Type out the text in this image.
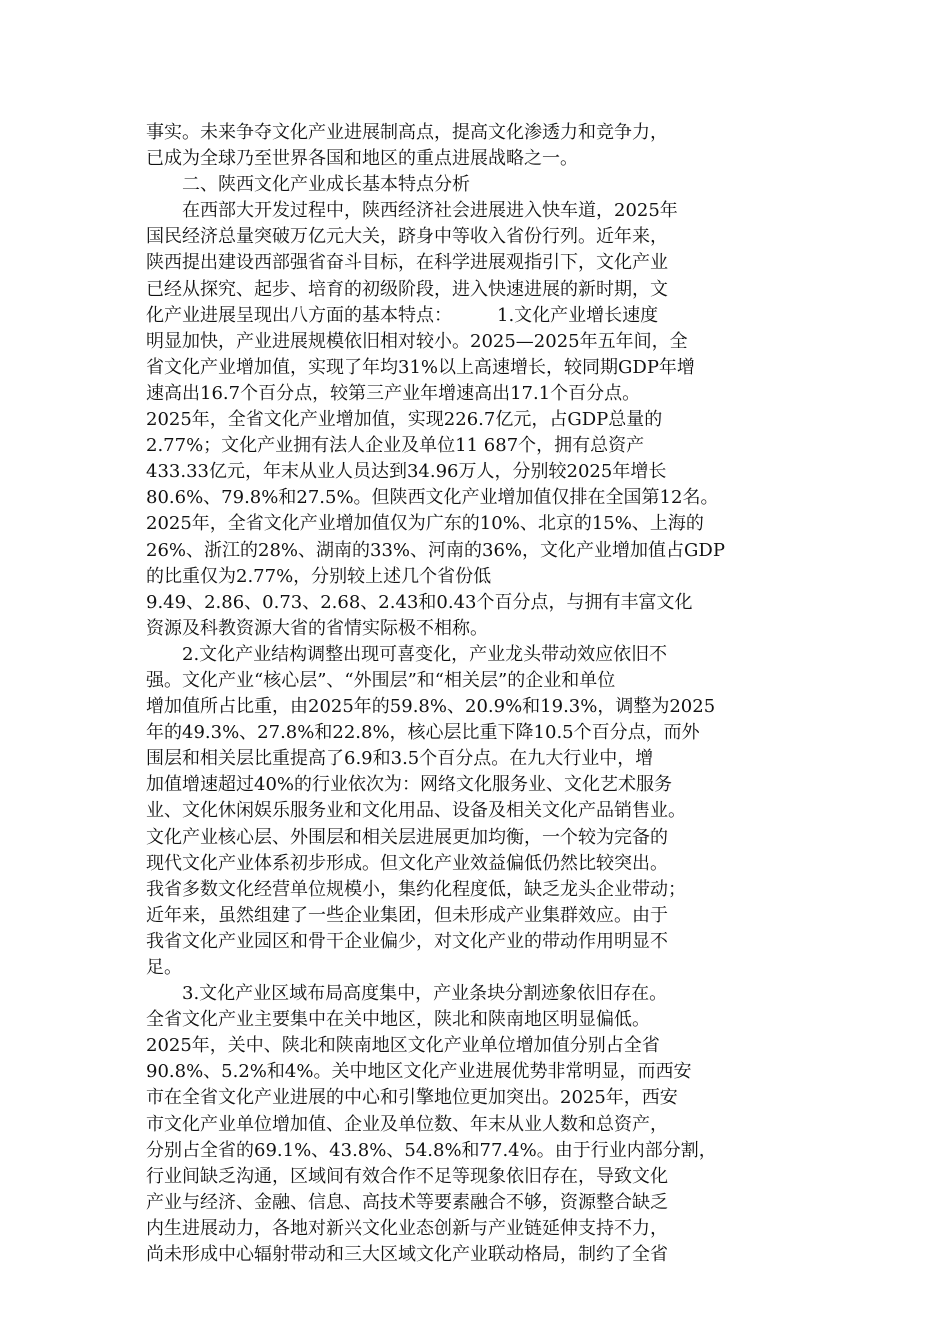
事实。未来争夺文化产业进展制高点，提高文化渗透力和竞争力，
已成为全球乃至世界各国和地区的重点进展战略之一。
　　二、陕西文化产业成长基本特点分析
　　在西部大开发过程中，陕西经济社会进展进入快车道，2025年
国民经济总量突破万亿元大关，跻身中等收入省份行列。近年来，
陕西提出建设西部强省奋斗目标，在科学进展观指引下，文化产业
已经从探究、起步、培育的初级阶段，进入快速进展的新时期，文
化产业进展呈现出八方面的基本特点：　　　1.文化产业增长速度
明显加快，产业进展规模依旧相对较小。2025—2025年五年间，全
省文化产业增加值，实现了年均31%以上高速增长，较同期GDP年增
速高出16.7个百分点，较第三产业年增速高出17.1个百分点。
2025年，全省文化产业增加值，实现226.7亿元，占GDP总量的
2.77%；文化产业拥有法人企业及单位11 687个，拥有总资产
433.33亿元，年末从业人员达到34.96万人，分别较2025年增长
80.6%、79.8%和27.5%。但陕西文化产业增加值仅排在全国第12名。
2025年，全省文化产业增加值仅为广东的10%、北京的15%、上海的
26%、浙江的28%、湖南的33%、河南的36%，文化产业增加值占GDP
的比重仅为2.77%，分别较上述几个省份低
9.49、2.86、0.73、2.68、2.43和0.43个百分点，与拥有丰富文化
资源及科教资源大省的省情实际极不相称。
　　2.文化产业结构调整出现可喜变化，产业龙头带动效应依旧不
强。文化产业“核心层”、“外围层”和“相关层”的企业和单位
增加值所占比重，由2025年的59.8%、20.9%和19.3%，调整为2025
年的49.3%、27.8%和22.8%，核心层比重下降10.5个百分点，而外
围层和相关层比重提高了6.9和3.5个百分点。在九大行业中，增
加值增速超过40%的行业依次为：网络文化服务业、文化艺术服务
业、文化休闲娱乐服务业和文化用品、设备及相关文化产品销售业。
文化产业核心层、外围层和相关层进展更加均衡，一个较为完备的
现代文化产业体系初步形成。但文化产业效益偏低仍然比较突出。
我省多数文化经营单位规模小，集约化程度低，缺乏龙头企业带动；
近年来，虽然组建了一些企业集团，但未形成产业集群效应。由于
我省文化产业园区和骨干企业偏少，对文化产业的带动作用明显不
足。
　　3.文化产业区域布局高度集中，产业条块分割迹象依旧存在。
全省文化产业主要集中在关中地区，陕北和陕南地区明显偏低。
2025年，关中、陕北和陕南地区文化产业单位增加值分别占全省
90.8%、5.2%和4%。关中地区文化产业进展优势非常明显，而西安
市在全省文化产业进展的中心和引擎地位更加突出。2025年，西安
市文化产业单位增加值、企业及单位数、年末从业人数和总资产，
分别占全省的69.1%、43.8%、54.8%和77.4%。由于行业内部分割，
行业间缺乏沟通，区域间有效合作不足等现象依旧存在，导致文化
产业与经济、金融、信息、高技术等要素融合不够，资源整合缺乏
内生进展动力，各地对新兴文化业态创新与产业链延伸支持不力，
尚未形成中心辐射带动和三大区域文化产业联动格局，制约了全省
